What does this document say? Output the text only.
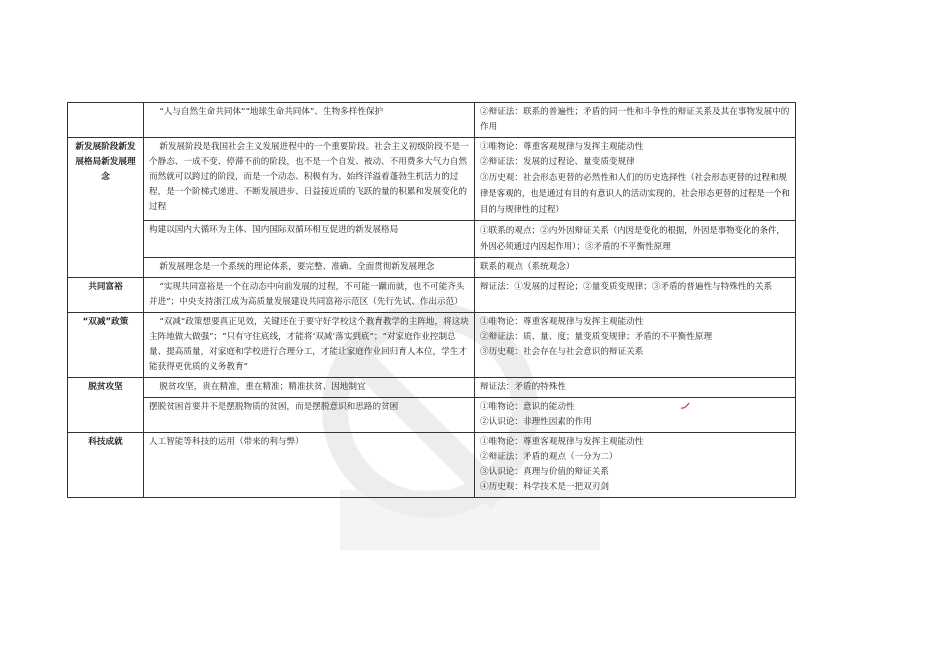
	“人与自然生命共同体”“地球生命共同体”、生物多样性保护	②辩证法：联系的普遍性；矛盾的同一性和斗争性的辩证关系及其在事物发展中的作用

新发展阶段新发展格局新发展理念	新发展阶段是我国社会主义发展进程中的一个重要阶段。社会主义初级阶段不是一个静态、一成不变、停滞不前的阶段，也不是一个自发、被动、不用费多大气力自然而然就可以跨过的阶段，而是一个动态、积极有为、始终洋溢着蓬勃生机活力的过程，是一个阶梯式递进、不断发展进步、日益接近质的飞跃的量的积累和发展变化的过程	①唯物论：尊重客观规律与发挥主观能动性
②辩证法：发展的过程论、量变质变规律
③历史观：社会形态更替的必然性和人们的历史选择性（社会形态更替的过程和规律是客观的，也是通过有目的有意识人的活动实现的，社会形态更替的过程是一个和目的与规律性的过程）

	构建以国内大循环为主体、国内国际双循环相互促进的新发展格局	①联系的观点；②内外因辩证关系（内因是变化的根据，外因是事物变化的条件，外因必须通过内因起作用）；③矛盾的不平衡性原理

	新发展理念是一个系统的理论体系，要完整、准确、全面贯彻新发展理念	联系的观点（系统观念）

共同富裕	“实现共同富裕是一个在动态中向前发展的过程，不可能一蹴而就，也不可能齐头并进”；中央支持浙江成为高质量发展建设共同富裕示范区（先行先试、作出示范）	辩证法：①发展的过程论；②量变质变规律；③矛盾的普遍性与特殊性的关系

“双减”政策	“双减”政策想要真正见效，关键还在于要守好学校这个教育教学的主阵地，将这块主阵地做大做强”；“只有守住底线，才能将‘双减’落实到底”；“对家庭作业控制总量、提高质量，对家庭和学校进行合理分工，才能让家庭作业回归育人本位，学生才能获得更优质的义务教育”	①唯物论：尊重客观规律与发挥主观能动性
②辩证法：质、量、度；量变质变规律；矛盾的不平衡性原理
③历史观：社会存在与社会意识的辩证关系

脱贫攻坚	脱贫攻坚，贵在精准，重在精准；精准扶贫、因地制宜	辩证法：矛盾的特殊性

	摆脱贫困首要并不是摆脱物质的贫困，而是摆脱意识和思路的贫困	①唯物论：意识的能动性
②认识论：非理性因素的作用

科技成就	人工智能等科技的运用（带来的利与弊）	①唯物论：尊重客观规律与发挥主观能动性
②辩证法：矛盾的观点（一分为二）
③认识论：真理与价值的辩证关系
④历史观：科学技术是一把双刃剑
